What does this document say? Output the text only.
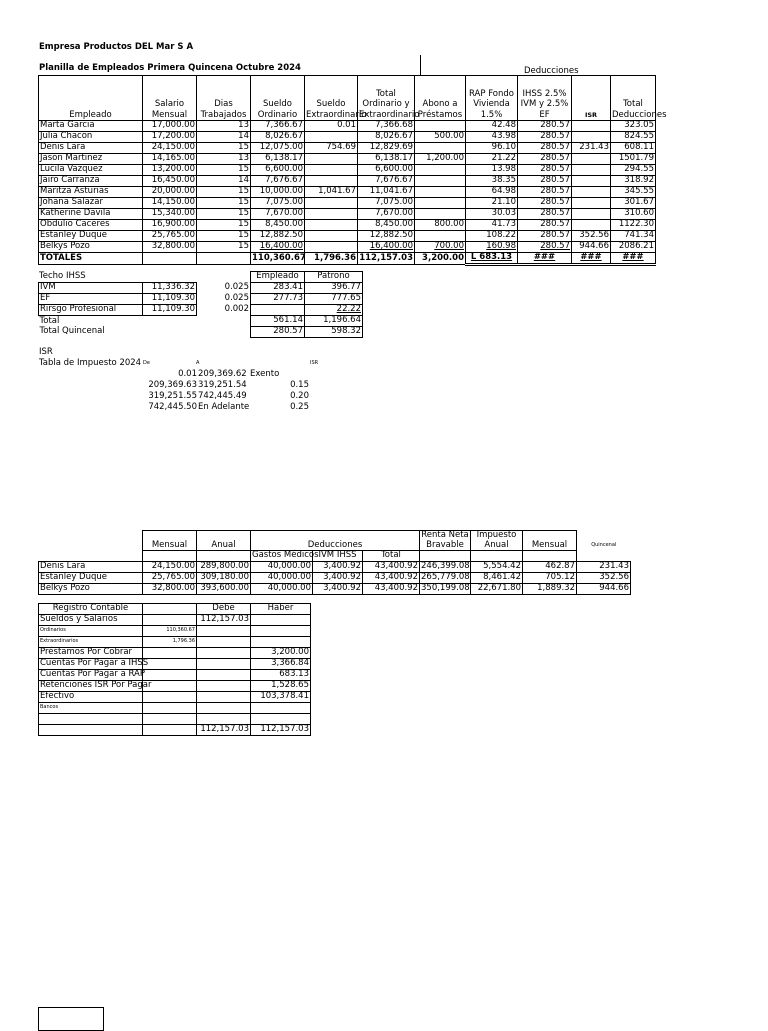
Empresa Productos DEL Mar S A
Planilla de Empleados Primera Quincena Octubre 2024	Deducciones
Empleado	Salario Mensual	Dias Trabajados	Sueldo Ordinario	Sueldo Extraordinario	Total Ordinario y Extraordinario	Abono a Préstamos	RAP Fondo Vivienda 1.5%	IHSS 2.5% IVM y 2.5% EF	ISR	Total Deducciones
Marta Garcia	17,000.00	13	7,366.67	0.01	7,366.68		42.48	280.57		323.05
Julia Chacon	17,200.00	14	8,026.67		8,026.67	500.00	43.98	280.57		824.55
Denis Lara	24,150.00	15	12,075.00	754.69	12,829.69		96.10	280.57	231.43	608.11
Jason Martinez	14,165.00	13	6,138.17		6,138.17	1,200.00	21.22	280.57		1501.79
Lucila Vazquez	13,200.00	15	6,600.00		6,600.00		13.98	280.57		294.55
Jairo Carranza	16,450.00	14	7,676.67		7,676.67		38.35	280.57		318.92
Maritza Asturias	20,000.00	15	10,000.00	1,041.67	11,041.67		64.98	280.57		345.55
Johana Salazar	14,150.00	15	7,075.00		7,075.00		21.10	280.57		301.67
Katherine Davila	15,340.00	15	7,670.00		7,670.00		30.03	280.57		310.60
Obdulio Caceres	16,900.00	15	8,450.00		8,450.00	800.00	41.73	280.57		1122.30
Estanley Duque	25,765.00	15	12,882.50		12,882.50		108.22	280.57	352.56	741.34
Belkys Pozo	32,800.00	15	16,400.00		16,400.00	700.00	160.98	280.57	944.66	2086.21
TOTALES			110,360.67	1,796.36	112,157.03	3,200.00	L 683.13	###	###	###
Techo IHSS
				Empleado	Patrono
IVM	11,336.32	0.025	283.41	396.77
EF	11,109.30	0.025	277.73	777.65
Rirsgo Profesional	11,109.30	0.002		22.22
Total			561.14	1,196.64
Total Quincenal			280.57	598.32
ISR
Tabla de Impuesto 2024 De	A	ISR
0.01 209,369.62 Exento
209,369.63 319,251.54	0.15
319,251.55 742,445.49	0.20
742,445.50 En Adelante	0.25
	Mensual	Anual	Deducciones			Renta Neta Bravable	Impuesto Anual	Mensual	Quincenal
			Gastos Médicos	IVM IHSS	Total				
Denis Lara	24,150.00	289,800.00	40,000.00	3,400.92	43,400.92	246,399.08	5,554.42	462.87	231.43
Estanley Duque	25,765.00	309,180.00	40,000.00	3,400.92	43,400.92	265,779.08	8,461.42	705.12	352.56
Belkys Pozo	32,800.00	393,600.00	40,000.00	3,400.92	43,400.92	350,199.08	22,671.80	1,889.32	944.66
Registro Contable		Debe	Haber
Sueldos y Salarios		112,157.03	
Ordinarios	110,360.67		
Extraordinarios	1,796.36		
Préstamos Por Cobrar			3,200.00
Cuentas Por Pagar a IHSS			3,366.84
Cuentas Por Pagar a RAP			683.13
Retenciones ISR Por Pagar			1,528.65
Efectivo			103,378.41
Bancos			

		112,157.03	112,157.03
